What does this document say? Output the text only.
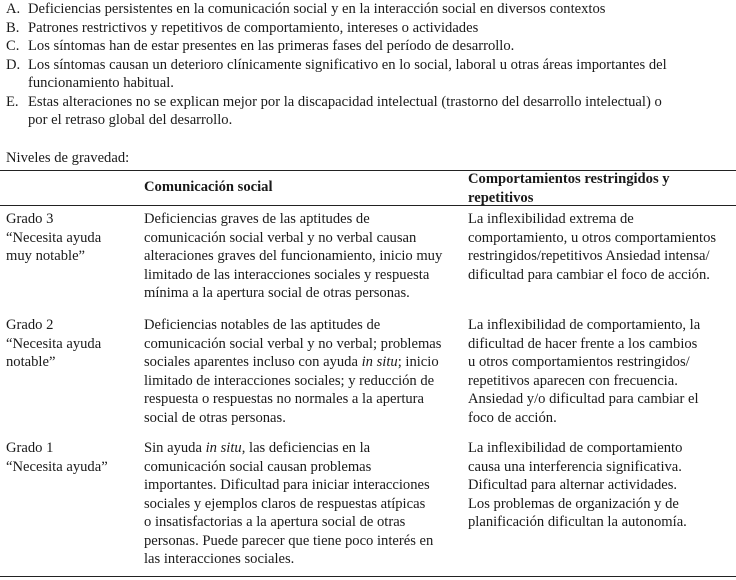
A. Deficiencias persistentes en la comunicación social y en la interacción social en diversos contextos
B. Patrones restrictivos y repetitivos de comportamiento, intereses o actividades
C. Los síntomas han de estar presentes en las primeras fases del período de desarrollo.
D. Los síntomas causan un deterioro clínicamente significativo en lo social, laboral u otras áreas importantes del
funcionamiento habitual.
E. Estas alteraciones no se explican mejor por la discapacidad intelectual (trastorno del desarrollo intelectual) o
por el retraso global del desarrollo.
Niveles de gravedad:
Comunicación social	Comportamientos restringidos y
repetitivos
Grado 3
“Necesita ayuda
muy notable”
Deficiencias graves de las aptitudes de
comunicación social verbal y no verbal causan
alteraciones graves del funcionamiento, inicio muy
limitado de las interacciones sociales y respuesta
mínima a la apertura social de otras personas.
La inflexibilidad extrema de
comportamiento, u otros comportamientos
restringidos/repetitivos Ansiedad intensa/
dificultad para cambiar el foco de acción.
Grado 2
“Necesita ayuda
notable”
Deficiencias notables de las aptitudes de
comunicación social verbal y no verbal; problemas
sociales aparentes incluso con ayuda in situ; inicio
limitado de interacciones sociales; y reducción de
respuesta o respuestas no normales a la apertura
social de otras personas.
La inflexibilidad de comportamiento, la
dificultad de hacer frente a los cambios
u otros comportamientos restringidos/
repetitivos aparecen con frecuencia.
Ansiedad y/o dificultad para cambiar el
foco de acción.
Grado 1
“Necesita ayuda”
Sin ayuda in situ, las deficiencias en la
comunicación social causan problemas
importantes. Dificultad para iniciar interacciones
sociales y ejemplos claros de respuestas atípicas
o insatisfactorias a la apertura social de otras
personas. Puede parecer que tiene poco interés en
las interacciones sociales.
La inflexibilidad de comportamiento
causa una interferencia significativa.
Dificultad para alternar actividades.
Los problemas de organización y de
planificación dificultan la autonomía.
